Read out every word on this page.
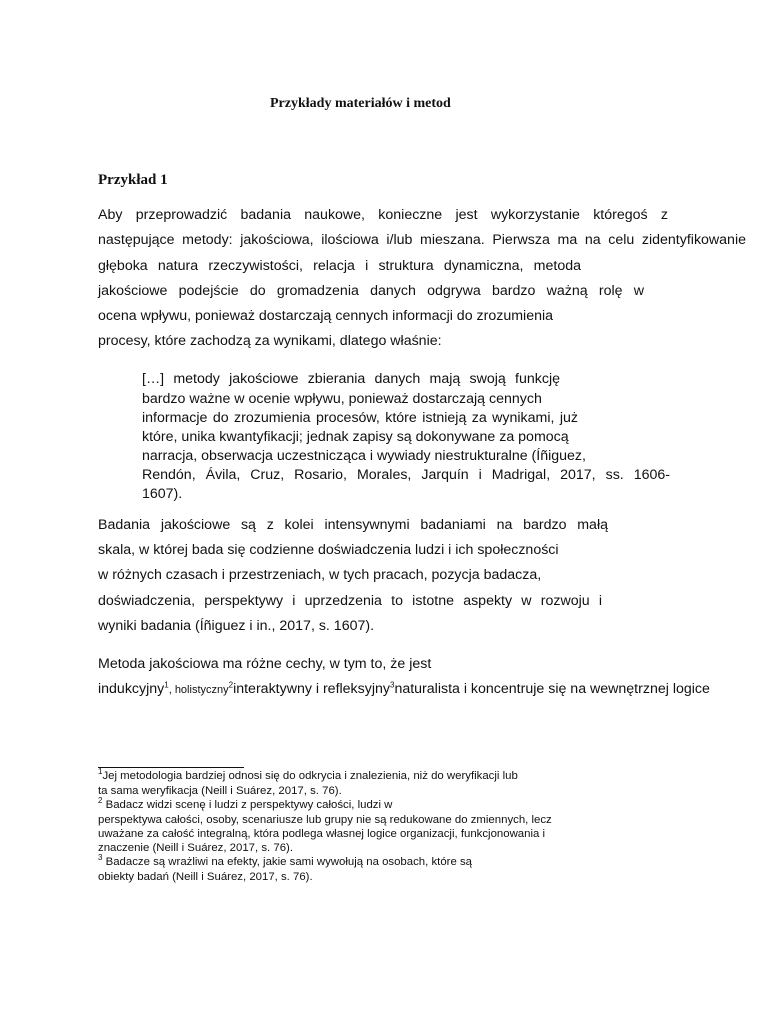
Przykłady materiałów i metod
Przykład 1
Aby przeprowadzić badania naukowe, konieczne jest wykorzystanie któregoś z
następujące metody: jakościowa, ilościowa i/lub mieszana. Pierwsza ma na celu zidentyfikowanie
głęboka natura rzeczywistości, relacja i struktura dynamiczna, metoda
jakościowe podejście do gromadzenia danych odgrywa bardzo ważną rolę w
ocena wpływu, ponieważ dostarczają cennych informacji do zrozumienia
procesy, które zachodzą za wynikami, dlatego właśnie:
[…] metody jakościowe zbierania danych mają swoją funkcję
bardzo ważne w ocenie wpływu, ponieważ dostarczają cennych
informacje do zrozumienia procesów, które istnieją za wynikami, już
które, unika kwantyfikacji; jednak zapisy są dokonywane za pomocą
narracja, obserwacja uczestnicząca i wywiady niestrukturalne (Íñiguez,
Rendón, Ávila, Cruz, Rosario, Morales, Jarquín i Madrigal, 2017, ss. 1606-
1607).
Badania jakościowe są z kolei intensywnymi badaniami na bardzo małą
skala, w której bada się codzienne doświadczenia ludzi i ich społeczności
w różnych czasach i przestrzeniach, w tych pracach, pozycja badacza,
doświadczenia, perspektywy i uprzedzenia to istotne aspekty w rozwoju i
wyniki badania (Íñiguez i in., 2017, s. 1607).
Metoda jakościowa ma różne cechy, w tym to, że jest
indukcyjny$^1$, holistyczny$^2$interaktywny i refleksyjny$^3$naturalista i koncentruje się na wewnętrznej logice
$^1$Jej metodologia bardziej odnosi się do odkrycia i znalezienia, niż do weryfikacji lub
ta sama weryfikacja (Neill i Suárez, 2017, s. 76).
$^2$ Badacz widzi scenę i ludzi z perspektywy całości, ludzi w
perspektywa całości, osoby, scenariusze lub grupy nie są redukowane do zmiennych, lecz
uważane za całość integralną, która podlega własnej logice organizacji, funkcjonowania i
znaczenie (Neill i Suárez, 2017, s. 76).
$^3$ Badacze są wrażliwi na efekty, jakie sami wywołują na osobach, które są
obiekty badań (Neill i Suárez, 2017, s. 76).
